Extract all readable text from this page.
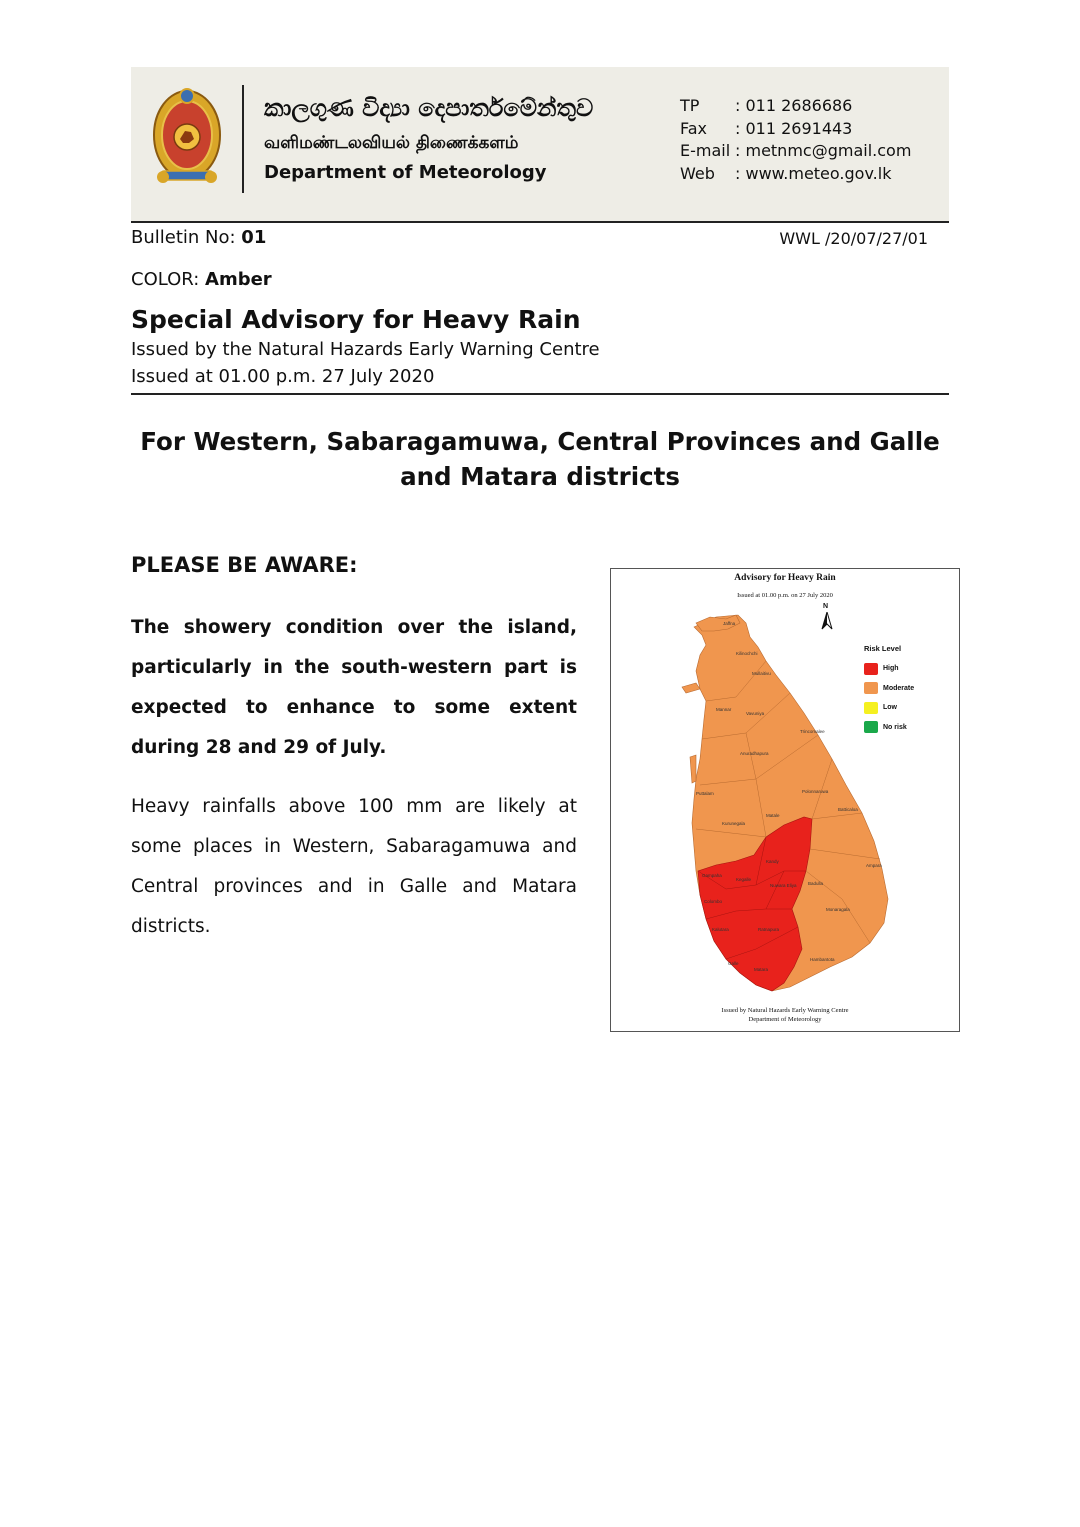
කාලගුණ විද්‍යා දෙපාර්තමේන්තුව
வளிமண்டலவியல் திணைக்களம்
Department of Meteorology
TP	: 011 2686686
Fax	: 011 2691443
E-mail : metnmc@gmail.com
Web	: www.meteo.gov.lk
Bulletin No: 01	WWL /20/07/27/01
COLOR: Amber
Special Advisory for Heavy Rain
Issued by the Natural Hazards Early Warning Centre
Issued at 01.00 p.m. 27 July 2020
For Western, Sabaragamuwa, Central Provinces and Galle and Matara districts
PLEASE BE AWARE:
The showery condition over the island, particularly in the south-western part is expected to enhance to some extent during 28 and 29 of July.
Heavy rainfalls above 100 mm are likely at some places in Western, Sabaragamuwa and Central provinces and in Galle and Matara districts.
Advisory for Heavy Rain
Issued at 01.00 p.m. on 27 July 2020
N
Risk Level
High
Moderate
Low
No risk
Jaffna
Kilinochchi
Mullaitivu
Mannar
Vavuniya
Trincomalee
Anuradhapura
Puttalam	Polonnaruwa
Batticaloa
Kurunegala
Matale
Ampara
Kandy
Gampaha
Kegalle
Colombo
Nuwara Eliya	Badulla
Kalutara	Ratnapura
Monaragala
Galle
Matara
Hambantota
Issued by Natural Hazards Early Warning Centre
Department of Meteorology
